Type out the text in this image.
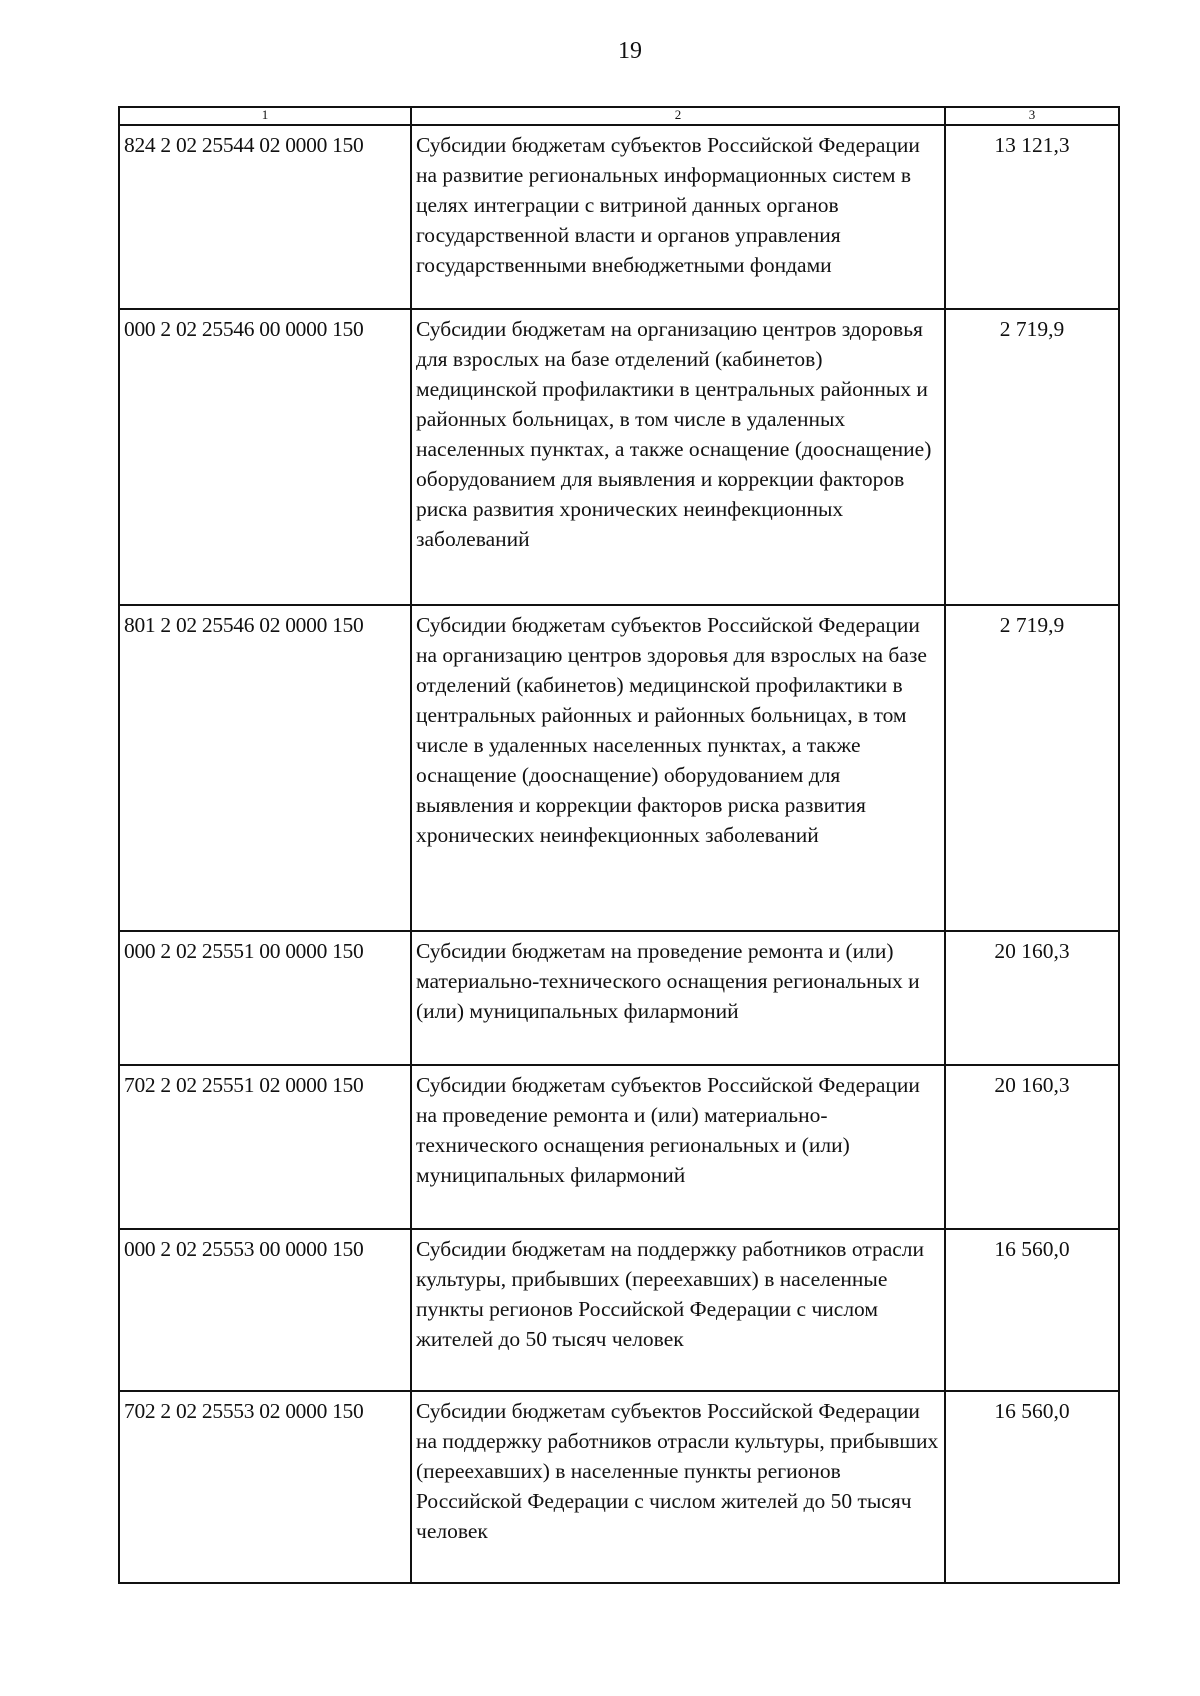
19
1	2	3
824 2 02 25544 02 0000 150	Субсидии бюджетам субъектов Российской Федерации на развитие региональных информационных систем в целях интеграции с витриной данных органов государственной власти и органов управления государственными внебюджетными фондами	13 121,3
000 2 02 25546 00 0000 150	Субсидии бюджетам на организацию центров здоровья для взрослых на базе отделений (кабинетов) медицинской профилактики в центральных районных и районных больницах, в том числе в удаленных населенных пунктах, а также оснащение (дооснащение) оборудованием для выявления и коррекции факторов риска развития хронических неинфекционных заболеваний	2 719,9
801 2 02 25546 02 0000 150	Субсидии бюджетам субъектов Российской Федерации на организацию центров здоровья для взрослых на базе отделений (кабинетов) медицинской профилактики в центральных районных и районных больницах, в том числе в удаленных населенных пунктах, а также оснащение (дооснащение) оборудованием для выявления и коррекции факторов риска развития хронических неинфекционных заболеваний	2 719,9
000 2 02 25551 00 0000 150	Субсидии бюджетам на проведение ремонта и (или) материально-технического оснащения региональных и (или) муниципальных филармоний	20 160,3
702 2 02 25551 02 0000 150	Субсидии бюджетам субъектов Российской Федерации на проведение ремонта и (или) материально-технического оснащения региональных и (или) муниципальных филармоний	20 160,3
000 2 02 25553 00 0000 150	Субсидии бюджетам на поддержку работников отрасли культуры, прибывших (переехавших) в населенные пункты регионов Российской Федерации с числом жителей до 50 тысяч человек	16 560,0
702 2 02 25553 02 0000 150	Субсидии бюджетам субъектов Российской Федерации на поддержку работников отрасли культуры, прибывших (переехавших) в населенные пункты регионов Российской Федерации с числом жителей до 50 тысяч человек	16 560,0
